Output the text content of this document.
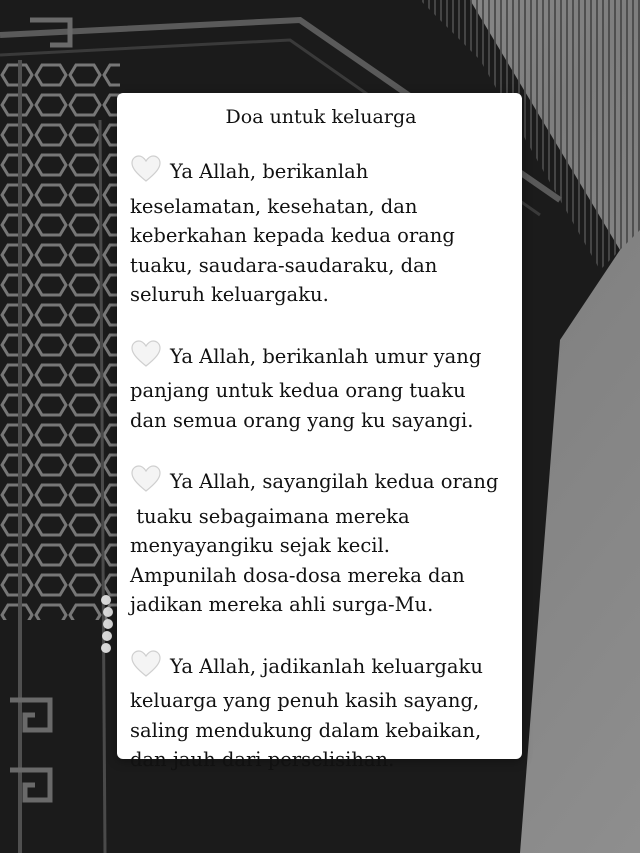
Doa untuk keluarga
Ya Allah, berikanlah
keselamatan, kesehatan, dan
keberkahan kepada kedua orang
tuaku, saudara-saudaraku, dan
seluruh keluargaku.
Ya Allah, berikanlah umur yang
panjang untuk kedua orang tuaku
dan semua orang yang ku sayangi.
Ya Allah, sayangilah kedua orang
tuaku sebagaimana mereka
menyayangiku sejak kecil.
Ampunilah dosa-dosa mereka dan
jadikan mereka ahli surga-Mu.
Ya Allah, jadikanlah keluargaku
keluarga yang penuh kasih sayang,
saling mendukung dalam kebaikan,
dan jauh dari perselisihan.
